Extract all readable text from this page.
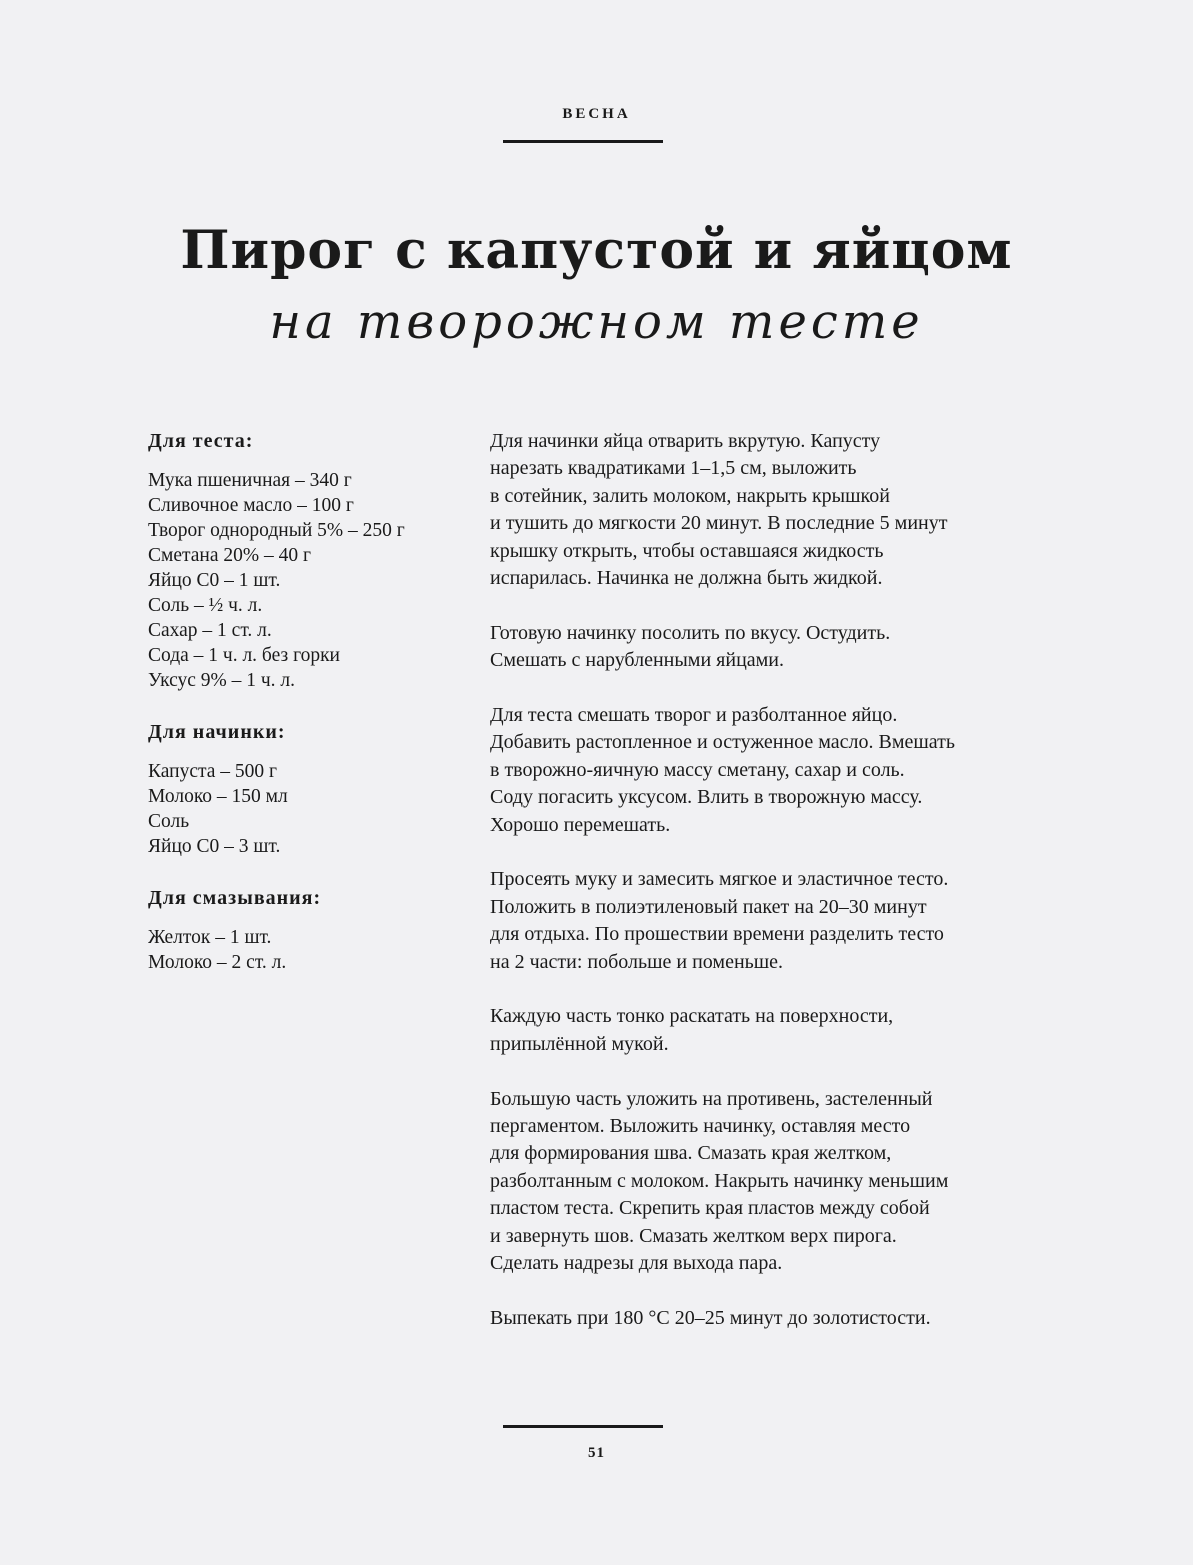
ВЕСНА
Пирог с капустой и яйцом
на творожном тесте
Для теста:
Мука пшеничная – 340 г
Сливочное масло – 100 г
Творог однородный 5% – 250 г
Сметана 20% – 40 г
Яйцо С0 – 1 шт.
Соль – ½ ч. л.
Сахар – 1 ст. л.
Сода – 1 ч. л. без горки
Уксус 9% – 1 ч. л.
Для начинки:
Капуста – 500 г
Молоко – 150 мл
Соль
Яйцо С0 – 3 шт.
Для смазывания:
Желток – 1 шт.
Молоко – 2 ст. л.

Для начинки яйца отварить вкрутую. Капусту
нарезать квадратиками 1–1,5 см, выложить
в сотейник, залить молоком, накрыть крышкой
и тушить до мягкости 20 минут. В последние 5 минут
крышку открыть, чтобы оставшаяся жидкость
испарилась. Начинка не должна быть жидкой.

Готовую начинку посолить по вкусу. Остудить.
Смешать с нарубленными яйцами.

Для теста смешать творог и разболтанное яйцо.
Добавить растопленное и остуженное масло. Вмешать
в творожно-яичную массу сметану, сахар и соль.
Соду погасить уксусом. Влить в творожную массу.
Хорошо перемешать.

Просеять муку и замесить мягкое и эластичное тесто.
Положить в полиэтиленовый пакет на 20–30 минут
для отдыха. По прошествии времени разделить тесто
на 2 части: побольше и поменьше.

Каждую часть тонко раскатать на поверхности,
припылённой мукой.

Большую часть уложить на противень, застеленный
пергаментом. Выложить начинку, оставляя место
для формирования шва. Смазать края желтком,
разболтанным с молоком. Накрыть начинку меньшим
пластом теста. Скрепить края пластов между собой
и завернуть шов. Смазать желтком верх пирога.
Сделать надрезы для выхода пара.

Выпекать при 180 °С 20–25 минут до золотистости.

51
